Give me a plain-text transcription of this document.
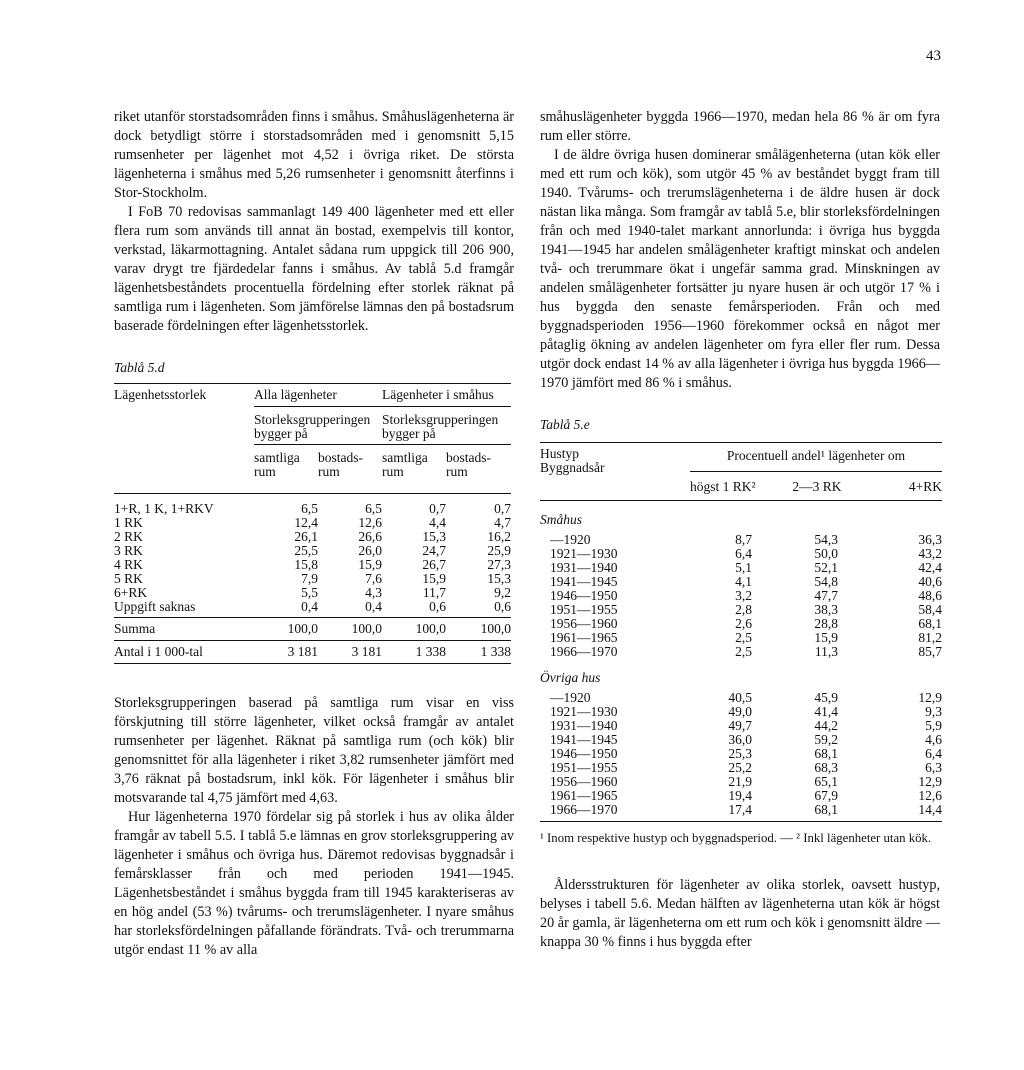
43

riket utanför storstadsområden finns i småhus. Småhuslägenheterna är dock betydligt större i storstadsområden med i genomsnitt 5,15 rumsenheter per lägenhet mot 4,52 i övriga riket. De största lägenheterna i småhus med 5,26 rumsenheter i genomsnitt återfinns i Stor-Stockholm.

I FoB 70 redovisas sammanlagt 149 400 lägenheter med ett eller flera rum som används till annat än bostad, exempelvis till kontor, verkstad, läkarmottagning. Antalet sådana rum uppgick till 206 900, varav drygt tre fjärdedelar fanns i småhus. Av tablå 5.d framgår lägenhetsbeståndets procentuella fördelning efter storlek räknat på samtliga rum i lägenheten. Som jämförelse lämnas den på bostadsrum baserade fördelningen efter lägenhetsstorlek.

Tablå 5.d

Lägenhetsstorlek	Alla lägenheter		Lägenheter i småhus	

	Storleksgrupperingen bygger på		Storleksgrupperingen bygger på	

	samtliga rum	bostads- rum	samtliga rum	bostads- rum

1+R, 1 K, 1+RKV	6,5	6,5	0,7	0,7
1 RK	12,4	12,6	4,4	4,7
2 RK	26,1	26,6	15,3	16,2
3 RK	25,5	26,0	24,7	25,9
4 RK	15,8	15,9	26,7	27,3
5 RK	7,9	7,6	15,9	15,3
6+RK	5,5	4,3	11,7	9,2
Uppgift saknas	0,4	0,4	0,6	0,6

Summa	100,0	100,0	100,0	100,0

Antal i 1 000-tal	3 181	3 181	1 338	1 338

Storleksgrupperingen baserad på samtliga rum visar en viss förskjutning till större lägenheter, vilket också framgår av antalet rumsenheter per lägenhet. Räknat på samtliga rum (och kök) blir genomsnittet för alla lägenheter i riket 3,82 rumsenheter jämfört med 3,76 räknat på bostadsrum, inkl kök. För lägenheter i småhus blir motsvarande tal 4,75 jämfört med 4,63.

Hur lägenheterna 1970 fördelar sig på storlek i hus av olika ålder framgår av tabell 5.5. I tablå 5.e lämnas en grov storleksgruppering av lägenheter i småhus och övriga hus. Däremot redovisas byggnadsår i femårsklasser från och med perioden 1941—1945. Lägenhetsbeståndet i småhus byggda fram till 1945 karakteriseras av en hög andel (53 %) tvårums- och trerumslägenheter. I nyare småhus har storleksfördelningen påfallande förändrats. Två- och trerummarna utgör endast 11 % av alla

småhuslägenheter byggda 1966—1970, medan hela 86 % är om fyra rum eller större.

I de äldre övriga husen dominerar smålägenheterna (utan kök eller med ett rum och kök), som utgör 45 % av beståndet byggt fram till 1940. Tvårums- och trerumslägenheterna i de äldre husen är dock nästan lika många. Som framgår av tablå 5.e, blir storleksfördelningen från och med 1940-talet markant annorlunda: i övriga hus byggda 1941—1945 har andelen smålägenheter kraftigt minskat och andelen två- och trerummare ökat i ungefär samma grad. Minskningen av andelen smålägenheter fortsätter ju nyare husen är och utgör 17 % i hus byggda den senaste femårsperioden. Från och med byggnadsperioden 1956—1960 förekommer också en något mer påtaglig ökning av andelen lägenheter om fyra eller fler rum. Dessa utgör dock endast 14 % av alla lägenheter i övriga hus byggda 1966—1970 jämfört med 86 % i småhus.

Tablå 5.e

Hustyp
Byggnadsår	Procentuell andel¹ lägenheter om		
	högst 1 RK²	2—3 RK	4+RK

Småhus			
—1920	8,7	54,3	36,3
1921—1930	6,4	50,0	43,2
1931—1940	5,1	52,1	42,4
1941—1945	4,1	54,8	40,6
1946—1950	3,2	47,7	48,6
1951—1955	2,8	38,3	58,4
1956—1960	2,6	28,8	68,1
1961—1965	2,5	15,9	81,2
1966—1970	2,5	11,3	85,7

Övriga hus			
—1920	40,5	45,9	12,9
1921—1930	49,0	41,4	9,3
1931—1940	49,7	44,2	5,9
1941—1945	36,0	59,2	4,6
1946—1950	25,3	68,1	6,4
1951—1955	25,2	68,3	6,3
1956—1960	21,9	65,1	12,9
1961—1965	19,4	67,9	12,6
1966—1970	17,4	68,1	14,4

¹ Inom respektive hustyp och byggnadsperiod. — ² Inkl lägenheter utan kök.

Åldersstrukturen för lägenheter av olika storlek, oavsett hustyp, belyses i tabell 5.6. Medan hälften av lägenheterna utan kök är högst 20 år gamla, är lägenheterna om ett rum och kök i genomsnitt äldre — knappa 30 % finns i hus byggda efter
